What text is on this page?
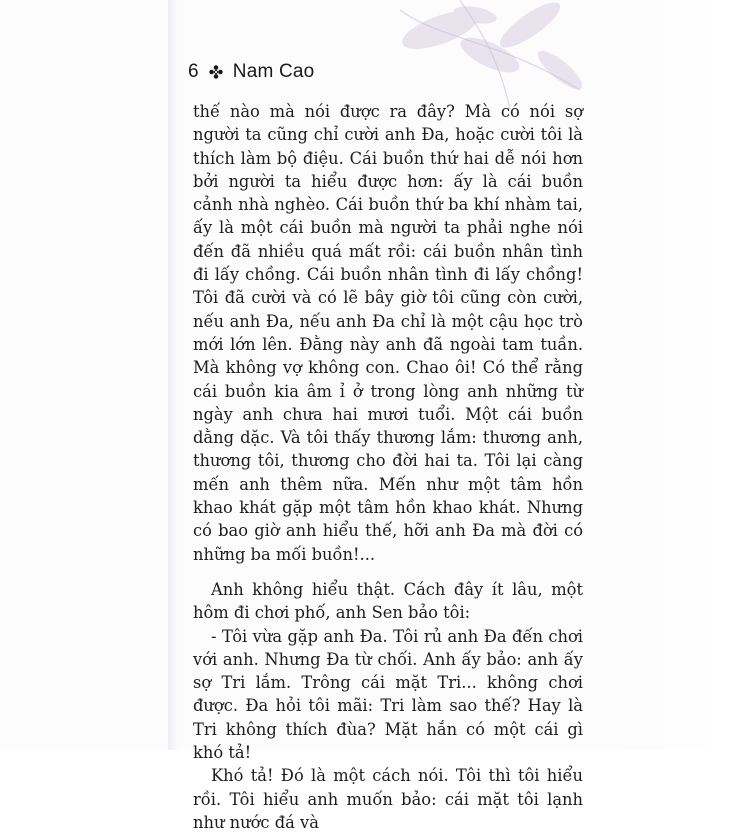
6 Nam Cao

thế nào mà nói được ra đây? Mà có nói sợ người ta cũng chỉ cười anh Đa, hoặc cười tôi là thích làm bộ điệu. Cái buồn thứ hai dễ nói hơn bởi người ta hiểu được hơn: ấy là cái buồn cảnh nhà nghèo. Cái buồn thứ ba khí nhàm tai, ấy là một cái buồn mà người ta phải nghe nói đến đã nhiều quá mất rồi: cái buồn nhân tình đi lấy chồng. Cái buồn nhân tình đi lấy chồng! Tôi đã cười và có lẽ bây giờ tôi cũng còn cười, nếu anh Đa, nếu anh Đa chỉ là một cậu học trò mới lớn lên. Đằng này anh đã ngoài tam tuần. Mà không vợ không con. Chao ôi! Có thể rằng cái buồn kia âm ỉ ở trong lòng anh những từ ngày anh chưa hai mươi tuổi. Một cái buồn dằng dặc. Và tôi thấy thương lắm: thương anh, thương tôi, thương cho đời hai ta. Tôi lại càng mến anh thêm nữa. Mến như một tâm hồn khao khát gặp một tâm hồn khao khát. Nhưng có bao giờ anh hiểu thế, hỡi anh Đa mà đời có những ba mối buồn!...

Anh không hiểu thật. Cách đây ít lâu, một hôm đi chơi phố, anh Sen bảo tôi:

- Tôi vừa gặp anh Đa. Tôi rủ anh Đa đến chơi với anh. Nhưng Đa từ chối. Anh ấy bảo: anh ấy sợ Tri lắm. Trông cái mặt Tri... không chơi được. Đa hỏi tôi mãi: Tri làm sao thế? Hay là Tri không thích đùa? Mặt hắn có một cái gì khó tả!

Khó tả! Đó là một cách nói. Tôi thì tôi hiểu rồi. Tôi hiểu anh muốn bảo: cái mặt tôi lạnh như nước đá và
